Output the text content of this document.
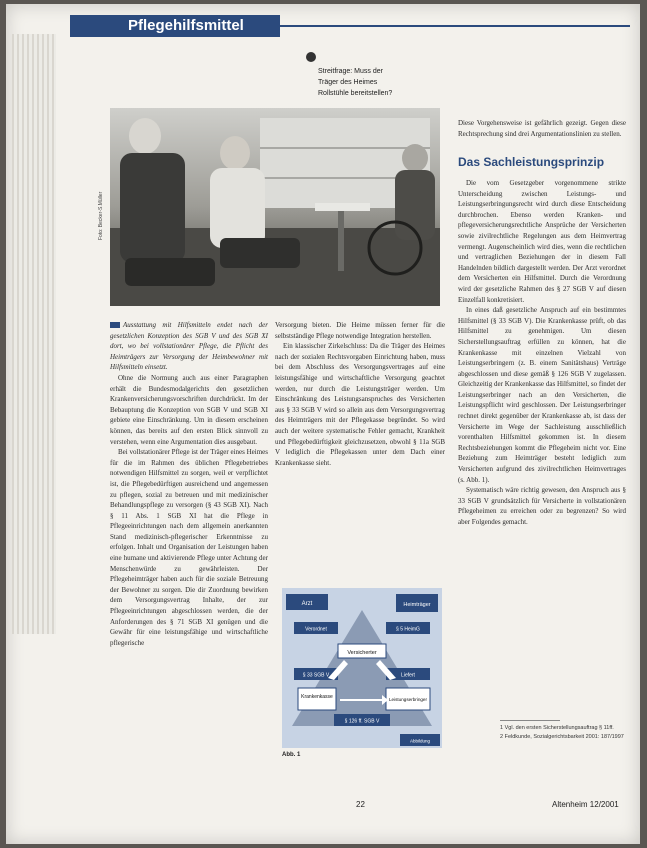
Pflegehilfsmittel
Streitfrage: Muss der
Träger des Heimes
Rollstühle bereitstellen?
Foto: Becker-S.Müller

Ausstattung mit Hilfsmitteln endet nach der gesetzlichen Konzeption des SGB V und des SGB XI dort, wo bei vollstationärer Pflege, die Pflicht des Heimträgers zur Versorgung der Heimbewohner mit Hilfsmitteln einsetzt.

Ohne die Normung auch aus einer Paragraphen erhält die Bundesmodalgerichts den gesetzlichen Krankenversicherungsvorschriften durchdrückt. Im der Bebauptung die Konzeption von SGB V und SGB XI gebiete eine Einschränkung. Um in diesem erscheinen können, das bereits auf den ersten Blick sinnvoll zu verstehen, wenn eine Argumentation dies ausgebaut.

Bei vollstationärer Pflege ist der Träger eines Heimes für die im Rahmen des üblichen Pflegebetriebes notwendigen Hilfsmittel zu sorgen, weil er verpflichtet ist, die Pflegebedürftigen ausreichend und angemessen zu pflegen, sozial zu betreuen und mit medizinischer Behandlungspflege zu versorgen (§ 43 SGB XI). Nach § 11 Abs. 1 SGB XI hat die Pflege in Pflegeeinrichtungen nach dem allgemein anerkannten Stand medizinisch-pflegerischer Erkenntnisse zu erfolgen. Inhalt und Organisation der Leistungen haben eine humane und aktivierende Pflege unter Achtung der Menschenwürde zu gewährleisten. Der Pflegeheimträger haben auch für die soziale Betreuung der Bewohner zu sorgen. Die dir Zuordnung bewirken dem Versorgungsvertrag Inhalte, der zur Pflegeeinrichtungen abgeschlossen werden, die der Anforderungen des § 71 SGB XI genügen und die Gewähr für eine leistungsfähige und wirtschaftliche pflegerische

Versorgung bieten. Die Heime müssen ferner für die selbstständige Pflege notwendige Integration herstellen.

Ein klassischer Zirkelschluss: Da die Träger des Heimes nach der sozialen Rechtsvorgaben Einrichtung haben, muss bei dem Abschluss des Versorgungsvertrages auf eine leistungsfähige und wirtschaftliche Versorgung geachtet werden, nur durch die Leistungsträger werden. Um Einschränkung des Leistungsanspruches des Versicherten aus § 33 SGB V wird so allein aus dem Versorgungsvertrag des Heimträgers mit der Pflegekasse begründet. So wird auch der weitere systematische Fehler gemacht, Krankheit und Pflegebedürftigkeit gleichzusetzen, obwohl § 11a SGB V lediglich die Pflegekassen unter dem Dach einer Krankenkasse sieht.

Diese Vorgehensweise ist gefährlich gezeigt. Gegen diese Rechtsprechung sind drei Argumentationslinien zu stellen.

Das Sachleistungsprinzip

Die vom Gesetzgeber vorgenommene strikte Unterscheidung zwischen Leistungs- und Leistungserbringungsrecht wird durch diese Entscheidung durchbrochen. Ebenso werden Kranken- und pflegeversicherungsrechtliche Ansprüche der Versicherten sowie zivilrechtliche Regelungen aus dem Heimvertrag vermengt. Augenscheinlich wird dies, wenn die rechtlichen und vertraglichen Beziehungen der in diesem Fall Handelnden bildlich dargestellt werden. Der Arzt verordnet dem Versicherten ein Hilfsmittel. Durch die Verordnung wird der gesetzliche Rahmen des § 27 SGB V auf diesen Einzelfall konkretisiert.

In eines daß gesetzliche Anspruch auf ein bestimmtes Hilfsmittel (§ 33 SGB V). Die Krankenkasse prüft, ob das Hilfsmittel zu genehmigen. Um diesen Sicherstellungsauftrag erfüllen zu können, hat die Krankenkasse mit einzelnen Vielzahl von Leistungserbringern (z. B. einem Sanitätshaus) Verträge abgeschlossen und diese gemäß § 126 SGB V zugelassen. Gleichzeitig der Krankenkasse das Hilfsmittel, so findet der Leistungserbringer nach an den Versicherten, die Leistungspflicht wird geschlossen. Der Leistungserbringer rechnet direkt gegenüber der Krankenkasse ab, ist dass der Versicherte im Wege der Sachleistung ausschließlich vorenthalten Hilfsmittel gekommen ist. In diesem Rechtsbeziehungen kommt die Pflegeheim nicht vor. Eine Beziehung zum Heimträger besteht lediglich zum Versicherten aufgrund des zivilrechtlichen Heimvertrages (s. Abb. 1).

Systematisch wäre richtig gewesen, den Anspruch aus § 33 SGB V grundsätzlich für Versicherte in vollstationären Pflegeheimen zu erreichen oder zu begrenzen? So wird aber Folgendes gemacht.

Arzt	Heimträger
Verordnet	§ 5 HeimG
Versicherter
§ 33 SGB V	Liefert
Krankenkasse	Leistungserbringer
§ 126 ff. SGB V
Abbildung
Abb. 1
1 Vgl. den ersten Sicherstellungsauftrag § 11ff.
2 Feldkunde, Sozialgerichtsbarkeit 2001: 187/1997
22	Altenheim 12/2001
